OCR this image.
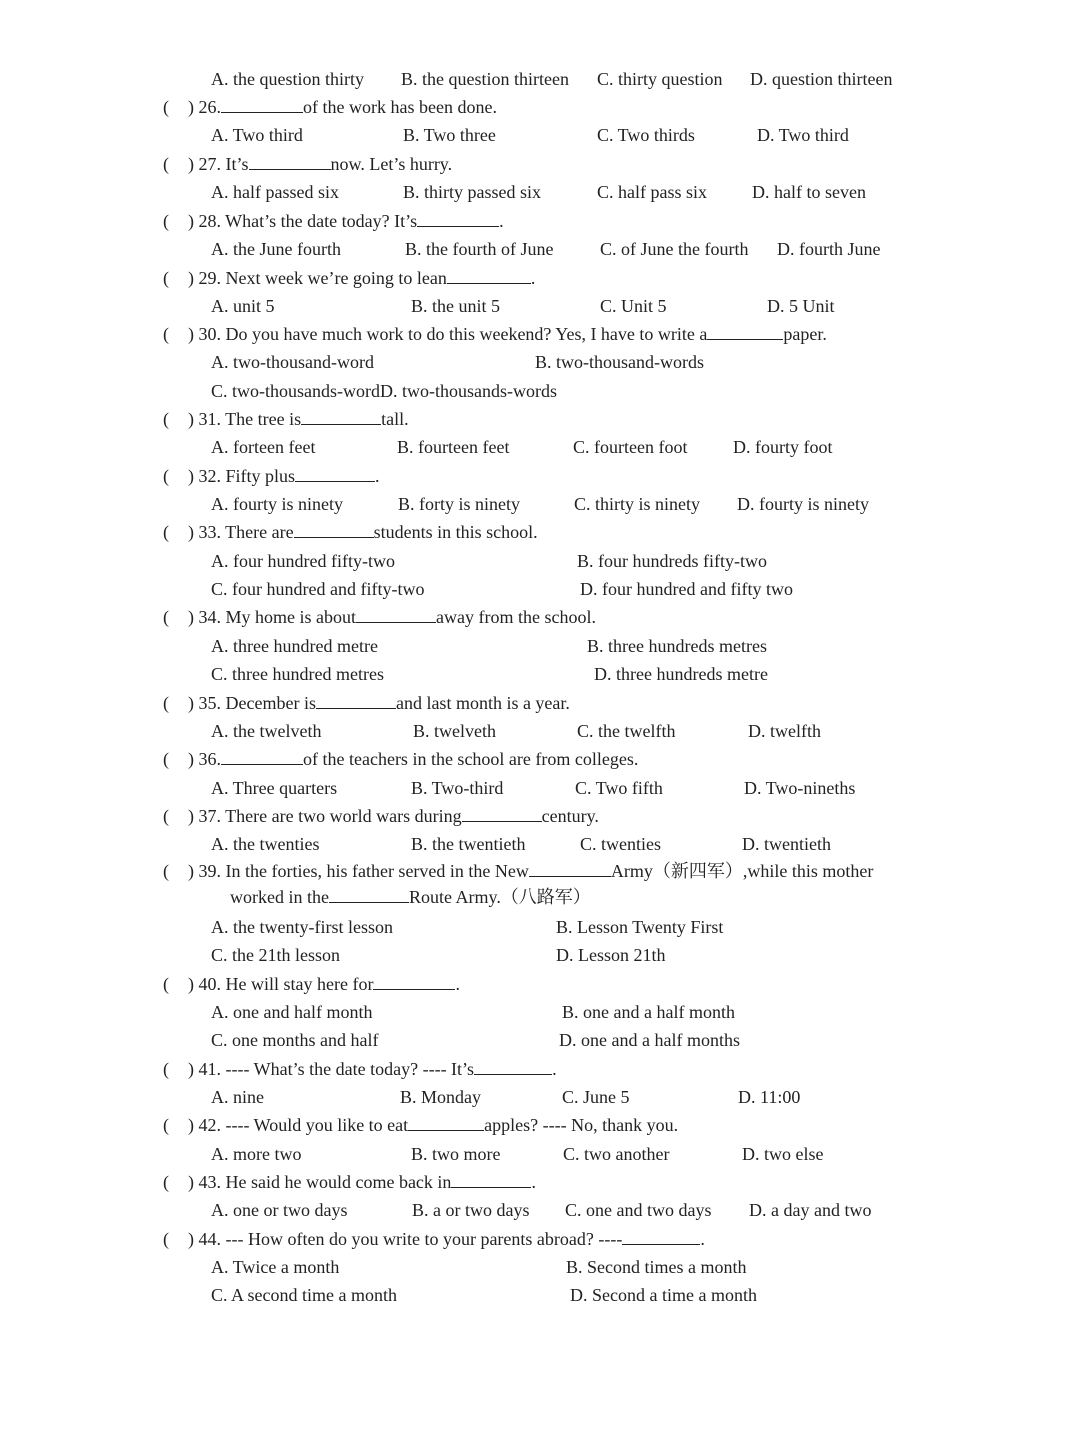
A. the question thirty B. the question thirteen C. thirty question D. question thirteen
( ) 26.	of the work has been done.
A. Two third	B. Two three	C. Two thirds	D. Two third
( ) 27. It’s	now. Let’s hurry.
A. half passed six	B. thirty passed six	C. half pass six	D. half to seven
( ) 28. What’s the date today? It’s	.
A. the June fourth	B. the fourth of June	C. of June the fourth D. fourth June
( ) 29. Next week we’re going to lean	.
A. unit 5	B. the unit 5	C. Unit 5	D. 5 Unit
( ) 30. Do you have much work to do this weekend? Yes, I have to write a	paper.
A. two-thousand-word	B. two-thousand-words
C. two-thousands-wordD. two-thousands-words
( ) 31. The tree is	tall.
A. forteen feet	B. fourteen feet	C. fourteen foot	D. fourty foot
( ) 32. Fifty plus	.
A. fourty is ninety	B. forty is ninety	C. thirty is ninety D. fourty is ninety
( ) 33. There are	students in this school.
A. four hundred fifty-two	B. four hundreds fifty-two
C. four hundred and fifty-two	D. four hundred and fifty two
( ) 34. My home is about	away from the school.
A. three hundred metre	B. three hundreds metres
C. three hundred metres	D. three hundreds metre
( ) 35. December is	and last month is a year.
A. the twelveth	B. twelveth	C. the twelfth	D. twelfth
( ) 36.	of the teachers in the school are from colleges.
A. Three quarters	B. Two-third	C. Two fifth	D. Two-nineths
( ) 37. There are two world wars during	century.
A. the twenties	B. the twentieth	C. twenties	D. twentieth
( ) 39. In the forties, his father served in the New	Army（新四军）,while this mother
worked in the	Route Army.（八路军）
A. the twenty-first lesson	B. Lesson Twenty First
C. the 21th lesson	D. Lesson 21th
( ) 40. He will stay here for	.
A. one and half month	B. one and a half month
C. one months and half	D. one and a half months
( ) 41. ---- What’s the date today? ---- It’s	.
A. nine	B. Monday	C. June 5	D. 11:00
( ) 42. ---- Would you like to eat	apples? ---- No, thank you.
A. more two	B. two more	C. two another	D. two else
( ) 43. He said he would come back in	.
A. one or two days	B. a or two days C. one and two days D. a day and two
( ) 44. --- How often do you write to your parents abroad? ----	.
A. Twice a month	B. Second times a month
C. A second time a month	D. Second a time a month
